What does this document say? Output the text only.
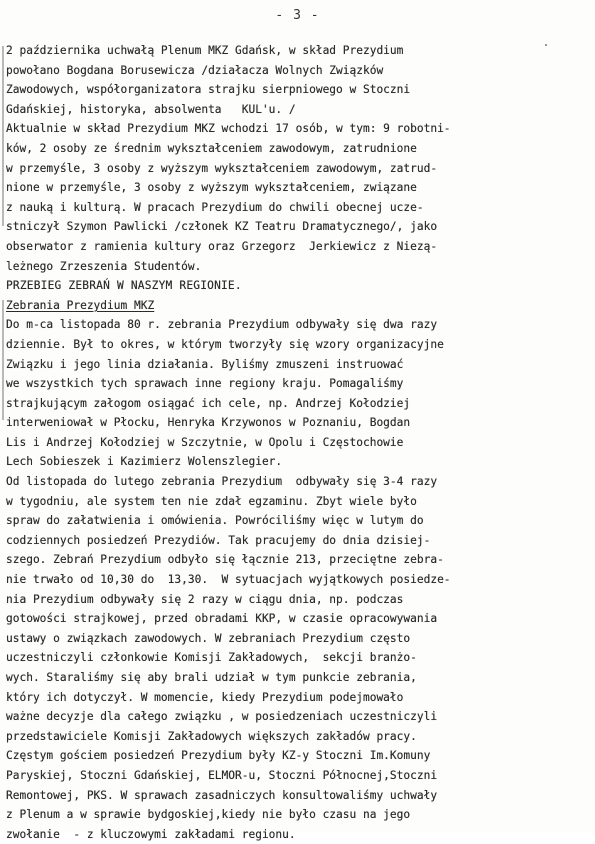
- 3 -
2 października uchwałą Plenum MKZ Gdańsk, w skład Prezydium
powołano Bogdana Borusewicza /działacza Wolnych Związków
Zawodowych, współorganizatora strajku sierpniowego w Stoczni
Gdańskiej, historyka, absolwenta   KUL'u. /
Aktualnie w skład Prezydium MKZ wchodzi 17 osób, w tym: 9 robotni-
ków, 2 osoby ze średnim wykształceniem zawodowym, zatrudnione
w przemyśle, 3 osoby z wyższym wykształceniem zawodowym, zatrud-
nione w przemyśle, 3 osoby z wyższym wykształceniem, związane
z nauką i kulturą. W pracach Prezydium do chwili obecnej ucze-
stniczył Szymon Pawlicki /członek KZ Teatru Dramatycznego/, jako
obserwator z ramienia kultury oraz Grzegorz  Jerkiewicz z Niezą-
leżnego Zrzeszenia Studentów.
PRZEBIEG ZEBRAŃ W NASZYM REGIONIE.
Zebrania Prezydium MKZ
Do m-ca listopada 80 r. zebrania Prezydium odbywały się dwa razy
dziennie. Był to okres, w którym tworzyły się wzory organizacyjne
Związku i jego linia działania. Byliśmy zmuszeni instruować
we wszystkich tych sprawach inne regiony kraju. Pomagaliśmy
strajkującym załogom osiągać ich cele, np. Andrzej Kołodziej
interweniował w Płocku, Henryka Krzywonos w Poznaniu, Bogdan
Lis i Andrzej Kołodziej w Szczytnie, w Opolu i Częstochowie
Lech Sobieszek i Kazimierz Wolenszlegier.
Od listopada do lutego zebrania Prezydium  odbywały się 3-4 razy
w tygodniu, ale system ten nie zdał egzaminu. Zbyt wiele było
spraw do załatwienia i omówienia. Powróciliśmy więc w lutym do
codziennych posiedzeń Prezydiów. Tak pracujemy do dnia dzisiej-
szego. Zebrań Prezydium odbyło się łącznie 213, przeciętne zebra-
nie trwało od 10,30 do  13,30.  W sytuacjach wyjątkowych posiedze-
nia Prezydium odbywały się 2 razy w ciągu dnia, np. podczas
gotowości strajkowej, przed obradami KKP, w czasie opracowywania
ustawy o związkach zawodowych. W zebraniach Prezydium często
uczestniczyli członkowie Komisji Zakładowych,  sekcji branżo-
wych. Staraliśmy się aby brali udział w tym punkcie zebrania,
który ich dotyczył. W momencie, kiedy Prezydium podejmowało
ważne decyzje dla całego związku , w posiedzeniach uczestniczyli
przedstawiciele Komisji Zakładowych większych zakładów pracy.
Częstym gościem posiedzeń Prezydium były KZ-y Stoczni Im.Komuny
Paryskiej, Stoczni Gdańskiej, ELMOR-u, Stoczni Północnej,Stoczni
Remontowej, PKS. W sprawach zasadniczych konsultowaliśmy uchwały
z Plenum a w sprawie bydgoskiej,kiedy nie było czasu na jego
zwołanie  - z kluczowymi zakładami regionu.
